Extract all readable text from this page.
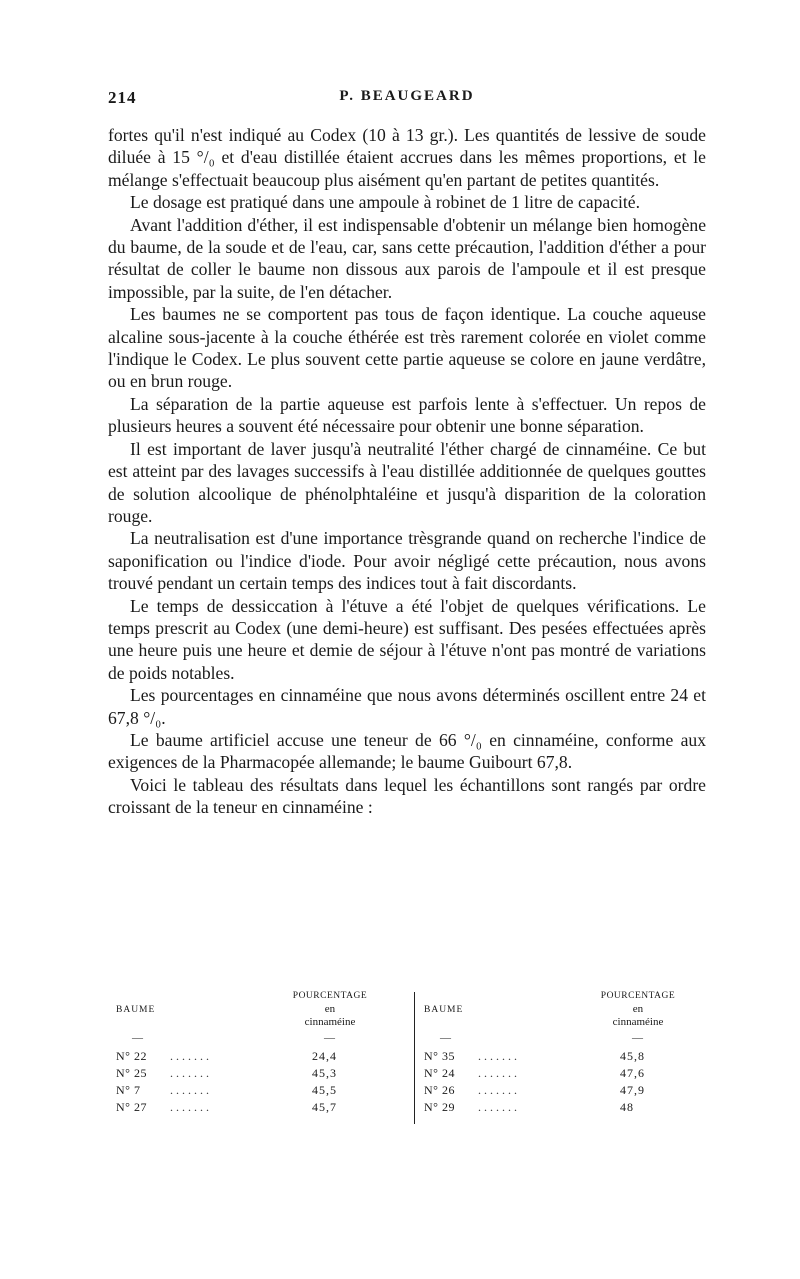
214	P. BEAUGEARD

fortes qu'il n'est indiqué au Codex (10 à 13 gr.). Les quantités de lessive de soude diluée à 15 °/₀ et d'eau distillée étaient accrues dans les mêmes proportions, et le mélange s'effectuait beaucoup plus aisément qu'en partant de petites quantités.

Le dosage est pratiqué dans une ampoule à robinet de 1 litre de capacité.

Avant l'addition d'éther, il est indispensable d'obtenir un mélange bien homogène du baume, de la soude et de l'eau, car, sans cette précaution, l'addition d'éther a pour résultat de coller le baume non dissous aux parois de l'ampoule et il est presque impossible, par la suite, de l'en détacher.

Les baumes ne se comportent pas tous de façon identique. La couche aqueuse alcaline sous-jacente à la couche éthérée est très rarement colorée en violet comme l'indique le Codex. Le plus souvent cette partie aqueuse se colore en jaune verdâtre, ou en brun rouge.

La séparation de la partie aqueuse est parfois lente à s'effectuer. Un repos de plusieurs heures a souvent été nécessaire pour obtenir une bonne séparation.

Il est important de laver jusqu'à neutralité l'éther chargé de cinnaméine. Ce but est atteint par des lavages successifs à l'eau distillée additionnée de quelques gouttes de solution alcoolique de phénolphtaléine et jusqu'à disparition de la coloration rouge.

La neutralisation est d'une importance trèsgrande quand on recherche l'indice de saponification ou l'indice d'iode. Pour avoir négligé cette précaution, nous avons trouvé pendant un certain temps des indices tout à fait discordants.

Le temps de dessiccation à l'étuve a été l'objet de quelques vérifications. Le temps prescrit au Codex (une demi-heure) est suffisant. Des pesées effectuées après une heure puis une heure et demie de séjour à l'étuve n'ont pas montré de variations de poids notables.

Les pourcentages en cinnaméine que nous avons déterminés oscillent entre 24 et 67,8 °/₀.

Le baume artificiel accuse une teneur de 66 °/₀ en cinnaméine, conforme aux exigences de la Pharmacopée allemande; le baume Guibourt 67,8.

Voici le tableau des résultats dans lequel les échantillons sont rangés par ordre croissant de la teneur en cinnaméine :

BAUME
POURCENTAGE
en
cinnaméine
—	—
N° 22 .......	24,4
N° 25 .......	45,3
N° 7 .......	45,5
N° 27 .......	45,7
BAUME
POURCENTAGE
en
cinnaméine
—	—
N° 35 .......	45,8
N° 24 .......	47,6
N° 26 .......	47,9
N° 29 .......	48
